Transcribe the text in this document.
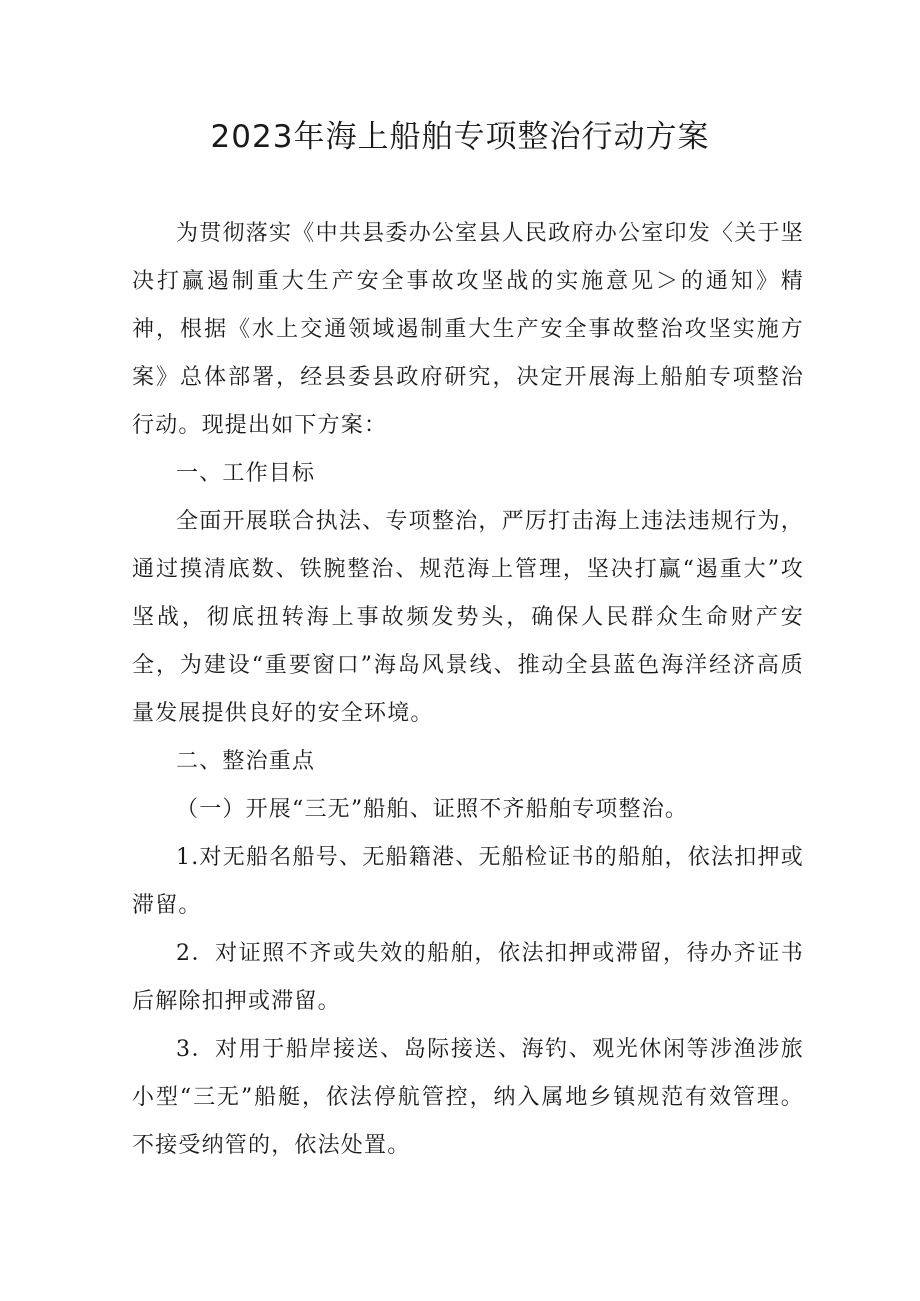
2023年海上船舶专项整治行动方案

为贯彻落实《中共县委办公室县人民政府办公室印发〈关于坚决打赢遏制重大生产安全事故攻坚战的实施意见＞的通知》精神，根据《水上交通领域遏制重大生产安全事故整治攻坚实施方案》总体部署，经县委县政府研究，决定开展海上船舶专项整治行动。现提出如下方案：

一、工作目标

全面开展联合执法、专项整治，严厉打击海上违法违规行为，通过摸清底数、铁腕整治、规范海上管理，坚决打赢“遏重大”攻坚战，彻底扭转海上事故频发势头，确保人民群众生命财产安全，为建设“重要窗口”海岛风景线、推动全县蓝色海洋经济高质量发展提供良好的安全环境。

二、整治重点

（一）开展“三无”船舶、证照不齐船舶专项整治。

1.对无船名船号、无船籍港、无船检证书的船舶，依法扣押或滞留。

2．对证照不齐或失效的船舶，依法扣押或滞留，待办齐证书后解除扣押或滞留。

3．对用于船岸接送、岛际接送、海钓、观光休闲等涉渔涉旅小型“三无”船艇，依法停航管控，纳入属地乡镇规范有效管理。不接受纳管的，依法处置。
